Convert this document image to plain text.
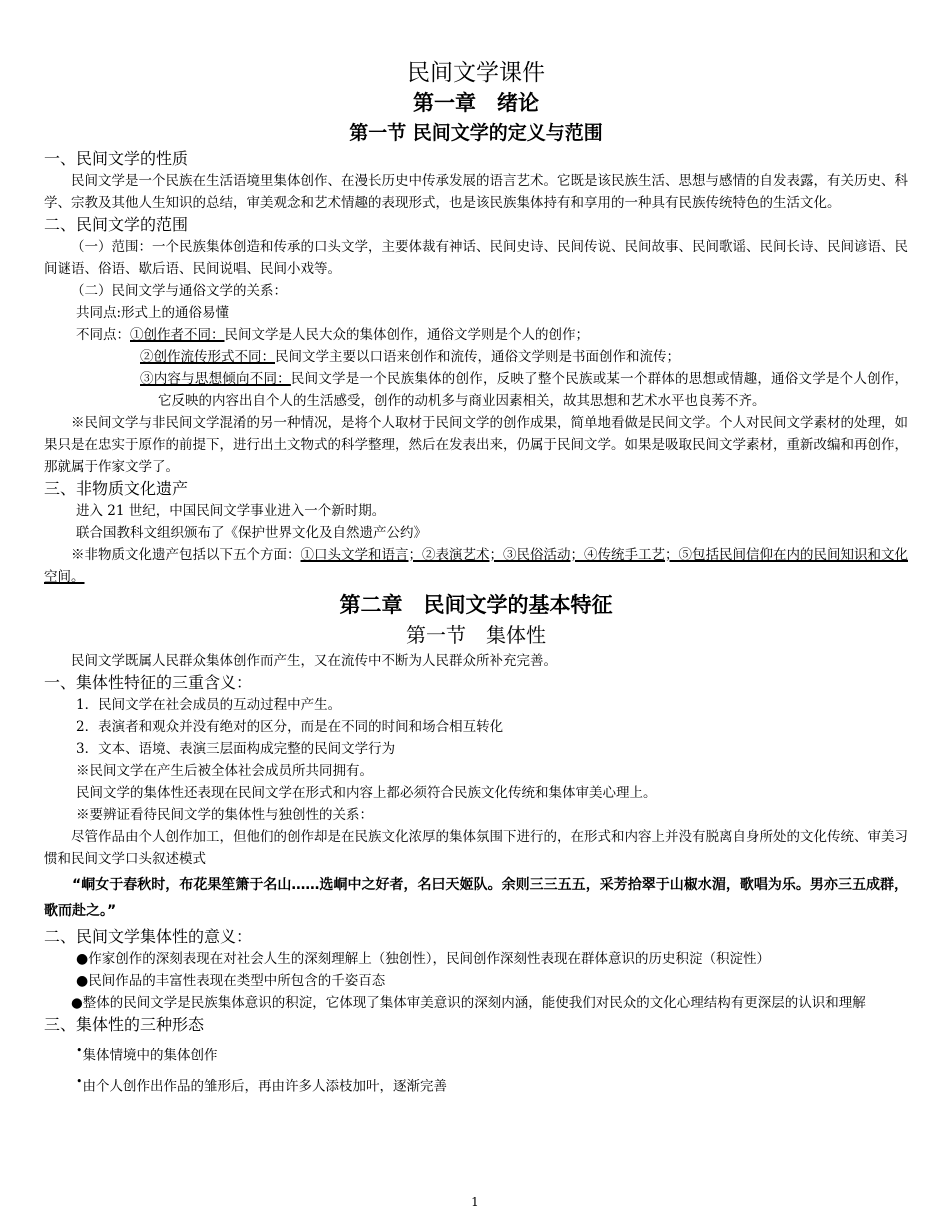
民间文学课件
第一章　绪论
第一节 民间文学的定义与范围
一、民间文学的性质

民间文学是一个民族在生活语境里集体创作、在漫长历史中传承发展的语言艺术。它既是该民族生活、思想与感情的自发表露，有关历史、科学、宗教及其他人生知识的总结，审美观念和艺术情趣的表现形式，也是该民族集体持有和享用的一种具有民族传统特色的生活文化。

二、民间文学的范围

（一）范围：一个民族集体创造和传承的口头文学，主要体裁有神话、民间史诗、民间传说、民间故事、民间歌谣、民间长诗、民间谚语、民间谜语、俗语、歇后语、民间说唱、民间小戏等。

（二）民间文学与通俗文学的关系：

共同点:形式上的通俗易懂

不同点：①创作者不同：民间文学是人民大众的集体创作，通俗文学则是个人的创作；

②创作流传形式不同：民间文学主要以口语来创作和流传，通俗文学则是书面创作和流传；

③内容与思想倾向不同：民间文学是一个民族集体的创作，反映了整个民族或某一个群体的思想或情趣，通俗文学是个人创作，它反映的内容出自个人的生活感受，创作的动机多与商业因素相关，故其思想和艺术水平也良莠不齐。

※民间文学与非民间文学混淆的另一种情况，是将个人取材于民间文学的创作成果，简单地看做是民间文学。个人对民间文学素材的处理，如果只是在忠实于原作的前提下，进行出土文物式的科学整理，然后在发表出来，仍属于民间文学。如果是吸取民间文学素材，重新改编和再创作，那就属于作家文学了。

三、非物质文化遗产

进入 21 世纪，中国民间文学事业进入一个新时期。

联合国教科文组织颁布了《保护世界文化及自然遗产公约》

※非物质文化遗产包括以下五个方面：①口头文学和语言；②表演艺术；③民俗活动；④传统手工艺；⑤包括民间信仰在内的民间知识和文化空间。

第二章　民间文学的基本特征
第一节　集体性

民间文学既属人民群众集体创作而产生，又在流传中不断为人民群众所补充完善。

一、集体性特征的三重含义：

1．民间文学在社会成员的互动过程中产生。

2．表演者和观众并没有绝对的区分，而是在不同的时间和场合相互转化

3．文本、语境、表演三层面构成完整的民间文学行为

※民间文学在产生后被全体社会成员所共同拥有。

民间文学的集体性还表现在民间文学在形式和内容上都必须符合民族文化传统和集体审美心理上。

※要辨证看待民间文学的集体性与独创性的关系：

尽管作品由个人创作加工，但他们的创作却是在民族文化浓厚的集体氛围下进行的，在形式和内容上并没有脱离自身所处的文化传统、审美习惯和民间文学口头叙述模式

“峒女于春秋时，布花果笙箫于名山……选峒中之好者，名曰天姬队。余则三三五五，采芳拾翠于山椒水湄，歌唱为乐。男亦三五成群，歌而赴之。”

二、民间文学集体性的意义：

●作家创作的深刻表现在对社会人生的深刻理解上（独创性），民间创作深刻性表现在群体意识的历史积淀（积淀性）

●民间作品的丰富性表现在类型中所包含的千姿百态

●整体的民间文学是民族集体意识的积淀，它体现了集体审美意识的深刻内涵，能使我们对民众的文化心理结构有更深层的认识和理解

三、集体性的三种形态

•集体情境中的集体创作

•由个人创作出作品的雏形后，再由许多人添枝加叶，逐渐完善

1
